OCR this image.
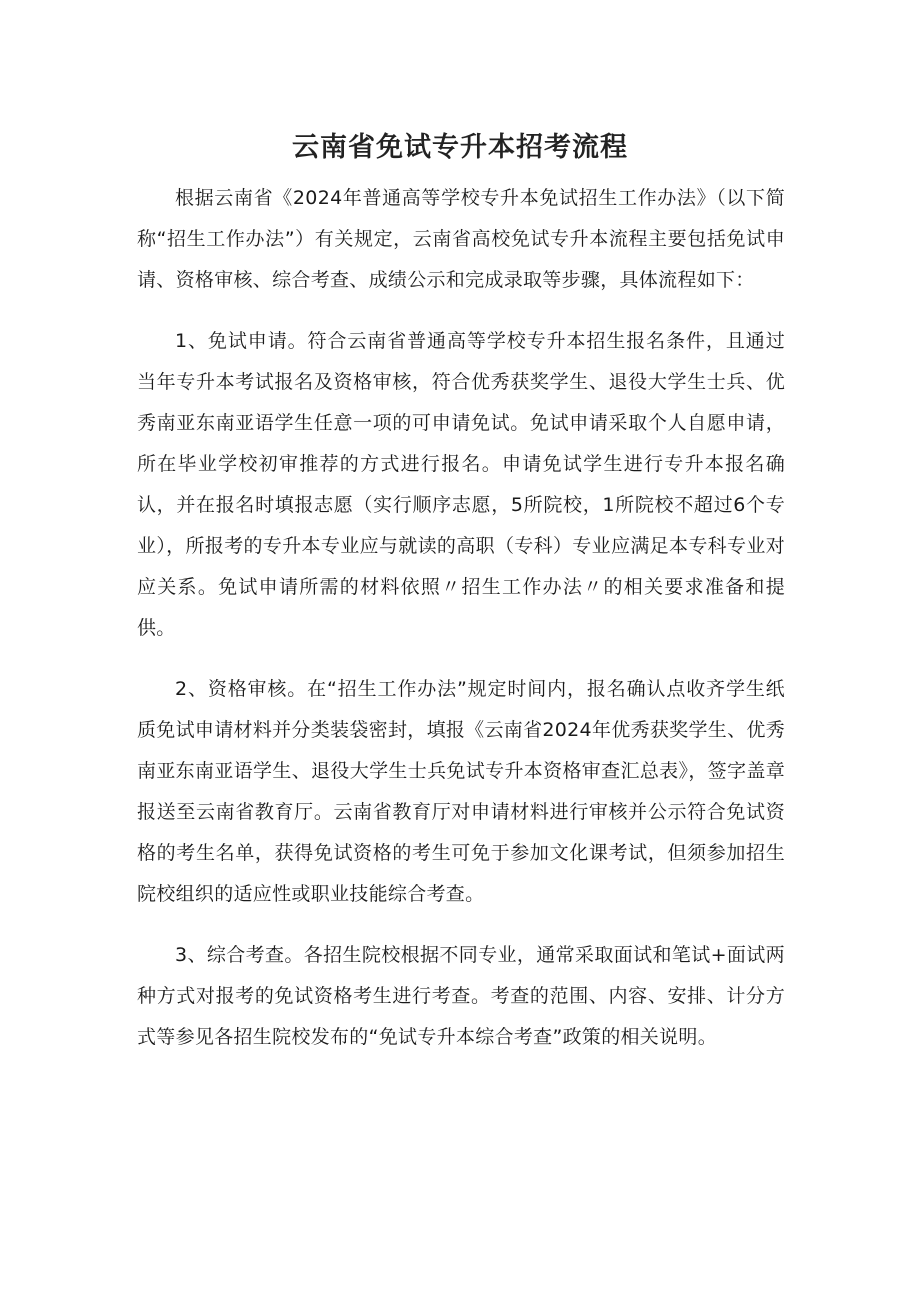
云南省免试专升本招考流程

根据云南省《2024年普通高等学校专升本免试招生工作办法》（以下简称“招生工作办法”）有关规定，云南省高校免试专升本流程主要包括免试申请、资格审核、综合考查、成绩公示和完成录取等步骤，具体流程如下：

1、免试申请。符合云南省普通高等学校专升本招生报名条件，且通过当年专升本考试报名及资格审核，符合优秀获奖学生、退役大学生士兵、优秀南亚东南亚语学生任意一项的可申请免试。免试申请采取个人自愿申请，所在毕业学校初审推荐的方式进行报名。申请免试学生进行专升本报名确认，并在报名时填报志愿（实行顺序志愿，5所院校，1所院校不超过6个专业），所报考的专升本专业应与就读的高职（专科）专业应满足本专科专业对应关系。免试申请所需的材料依照〃招生工作办法〃的相关要求准备和提供。

2、资格审核。在“招生工作办法”规定时间内，报名确认点收齐学生纸质免试申请材料并分类装袋密封，填报《云南省2024年优秀获奖学生、优秀南亚东南亚语学生、退役大学生士兵免试专升本资格审查汇总表》，签字盖章报送至云南省教育厅。云南省教育厅对申请材料进行审核并公示符合免试资格的考生名单，获得免试资格的考生可免于参加文化课考试，但须参加招生院校组织的适应性或职业技能综合考查。

3、综合考查。各招生院校根据不同专业，通常采取面试和笔试+面试两种方式对报考的免试资格考生进行考查。考查的范围、内容、安排、计分方式等参见各招生院校发布的“免试专升本综合考查”政策的相关说明。
